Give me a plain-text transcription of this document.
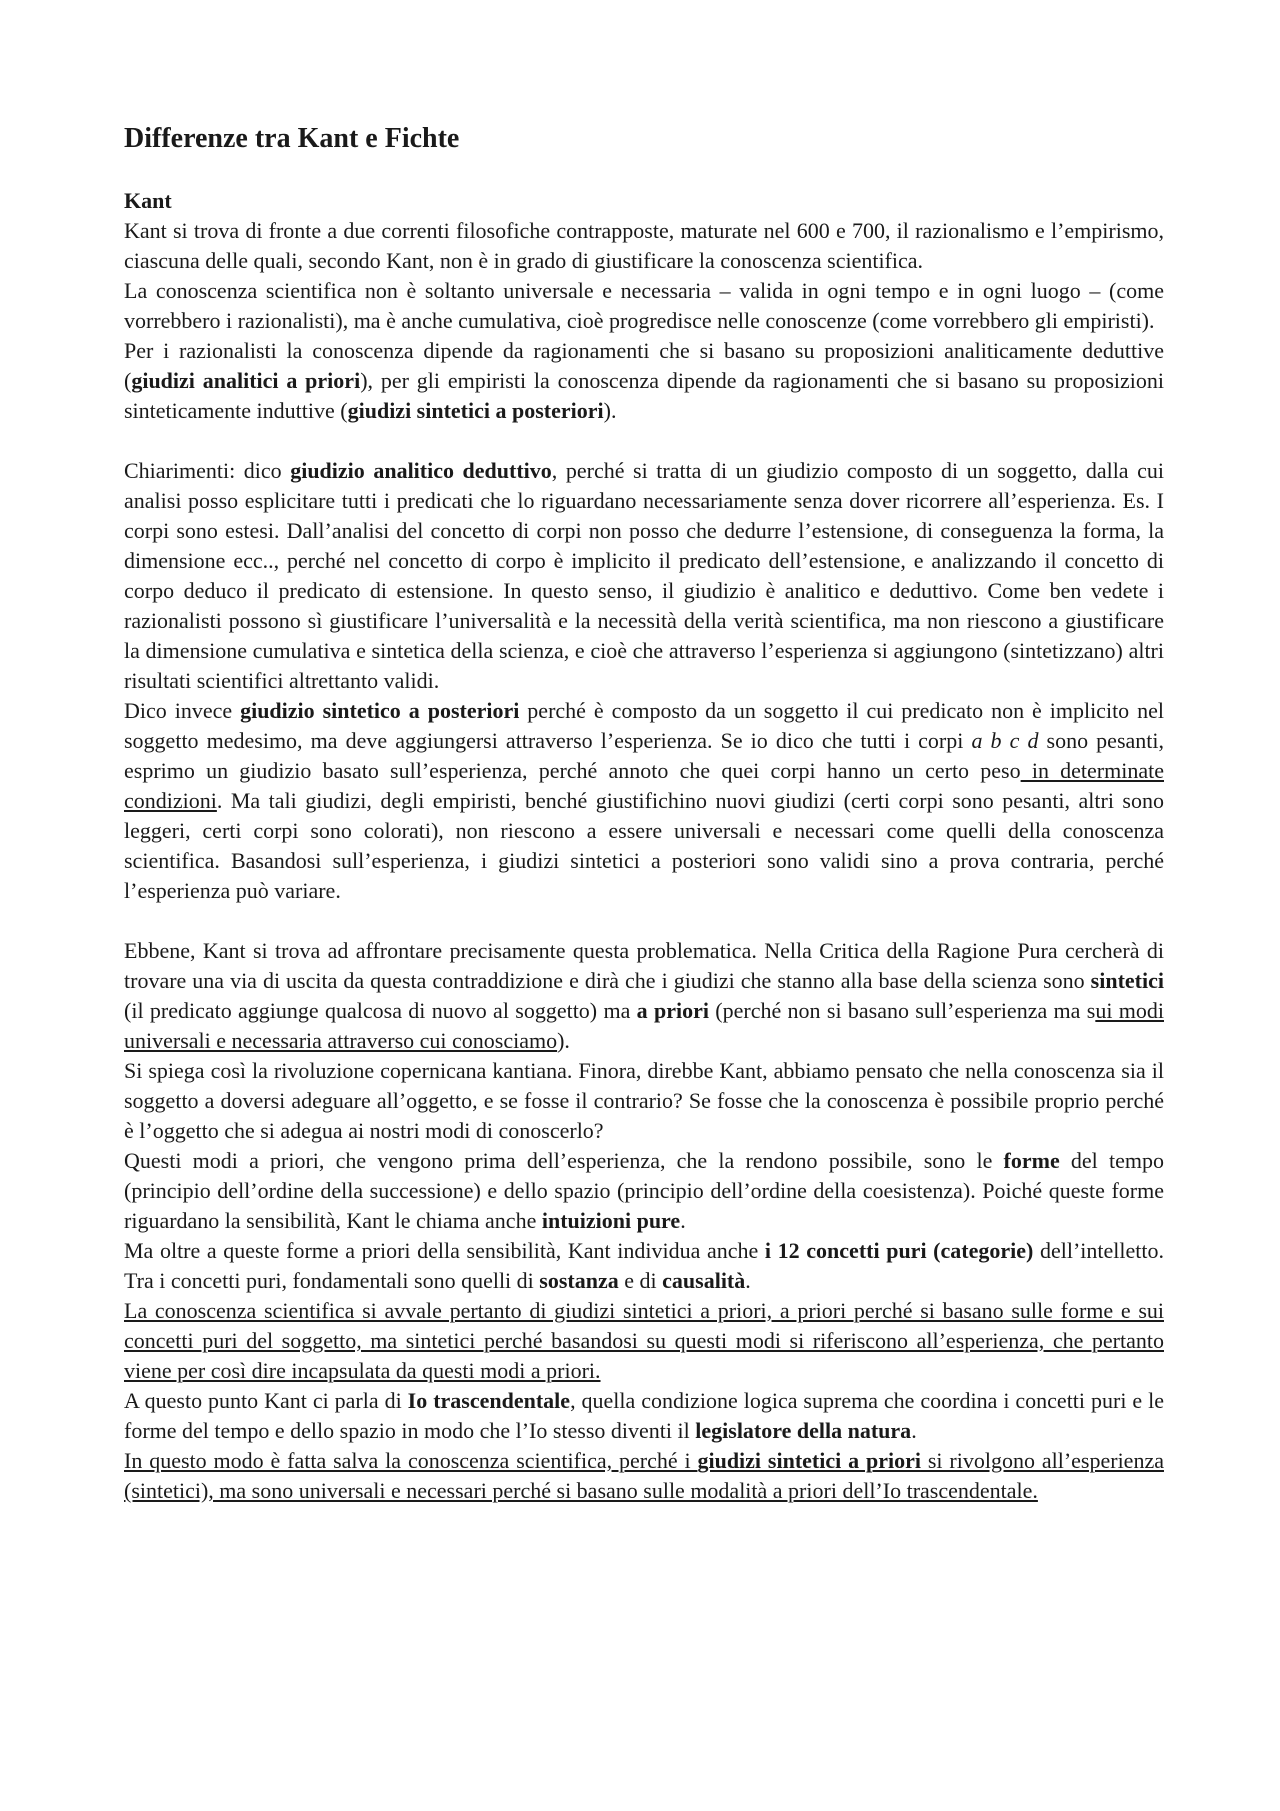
Differenze tra Kant e Fichte
Kant

Kant si trova di fronte a due correnti filosofiche contrapposte, maturate nel 600 e 700, il razionalismo e l’empirismo, ciascuna delle quali, secondo Kant, non è in grado di giustificare la conoscenza scientifica.

La conoscenza scientifica non è soltanto universale e necessaria – valida in ogni tempo e in ogni luogo – (come vorrebbero i razionalisti), ma è anche cumulativa, cioè progredisce nelle conoscenze (come vorrebbero gli empiristi).

Per i razionalisti la conoscenza dipende da ragionamenti che si basano su proposizioni analiticamente deduttive (giudizi analitici a priori), per gli empiristi la conoscenza dipende da ragionamenti che si basano su proposizioni sinteticamente induttive (giudizi sintetici a posteriori).

Chiarimenti: dico giudizio analitico deduttivo, perché si tratta di un giudizio composto di un soggetto, dalla cui analisi posso esplicitare tutti i predicati che lo riguardano necessariamente senza dover ricorrere all’esperienza. Es. I corpi sono estesi. Dall’analisi del concetto di corpi non posso che dedurre l’estensione, di conseguenza la forma, la dimensione ecc.., perché nel concetto di corpo è implicito il predicato dell’estensione, e analizzando il concetto di corpo deduco il predicato di estensione. In questo senso, il giudizio è analitico e deduttivo. Come ben vedete i razionalisti possono sì giustificare l’universalità e la necessità della verità scientifica, ma non riescono a giustificare la dimensione cumulativa e sintetica della scienza, e cioè che attraverso l’esperienza si aggiungono (sintetizzano) altri risultati scientifici altrettanto validi.

Dico invece giudizio sintetico a posteriori perché è composto da un soggetto il cui predicato non è implicito nel soggetto medesimo, ma deve aggiungersi attraverso l’esperienza. Se io dico che tutti i corpi a b c d sono pesanti, esprimo un giudizio basato sull’esperienza, perché annoto che quei corpi hanno un certo peso in determinate condizioni. Ma tali giudizi, degli empiristi, benché giustifichino nuovi giudizi (certi corpi sono pesanti, altri sono leggeri, certi corpi sono colorati), non riescono a essere universali e necessari come quelli della conoscenza scientifica. Basandosi sull’esperienza, i giudizi sintetici a posteriori sono validi sino a prova contraria, perché l’esperienza può variare.

Ebbene, Kant si trova ad affrontare precisamente questa problematica. Nella Critica della Ragione Pura cercherà di trovare una via di uscita da questa contraddizione e dirà che i giudizi che stanno alla base della scienza sono sintetici (il predicato aggiunge qualcosa di nuovo al soggetto) ma a priori (perché non si basano sull’esperienza ma sui modi universali e necessaria attraverso cui conosciamo).

Si spiega così la rivoluzione copernicana kantiana. Finora, direbbe Kant, abbiamo pensato che nella conoscenza sia il soggetto a doversi adeguare all’oggetto, e se fosse il contrario? Se fosse che la conoscenza è possibile proprio perché è l’oggetto che si adegua ai nostri modi di conoscerlo?

Questi modi a priori, che vengono prima dell’esperienza, che la rendono possibile, sono le forme del tempo (principio dell’ordine della successione) e dello spazio (principio dell’ordine della coesistenza). Poiché queste forme riguardano la sensibilità, Kant le chiama anche intuizioni pure.

Ma oltre a queste forme a priori della sensibilità, Kant individua anche i 12 concetti puri (categorie) dell’intelletto. Tra i concetti puri, fondamentali sono quelli di sostanza e di causalità.

La conoscenza scientifica si avvale pertanto di giudizi sintetici a priori, a priori perché si basano sulle forme e sui concetti puri del soggetto, ma sintetici perché basandosi su questi modi si riferiscono all’esperienza, che pertanto viene per così dire incapsulata da questi modi a priori.

A questo punto Kant ci parla di Io trascendentale, quella condizione logica suprema che coordina i concetti puri e le forme del tempo e dello spazio in modo che l’Io stesso diventi il legislatore della natura.

In questo modo è fatta salva la conoscenza scientifica, perché i giudizi sintetici a priori si rivolgono all’esperienza (sintetici), ma sono universali e necessari perché si basano sulle modalità a priori dell’Io trascendentale.
